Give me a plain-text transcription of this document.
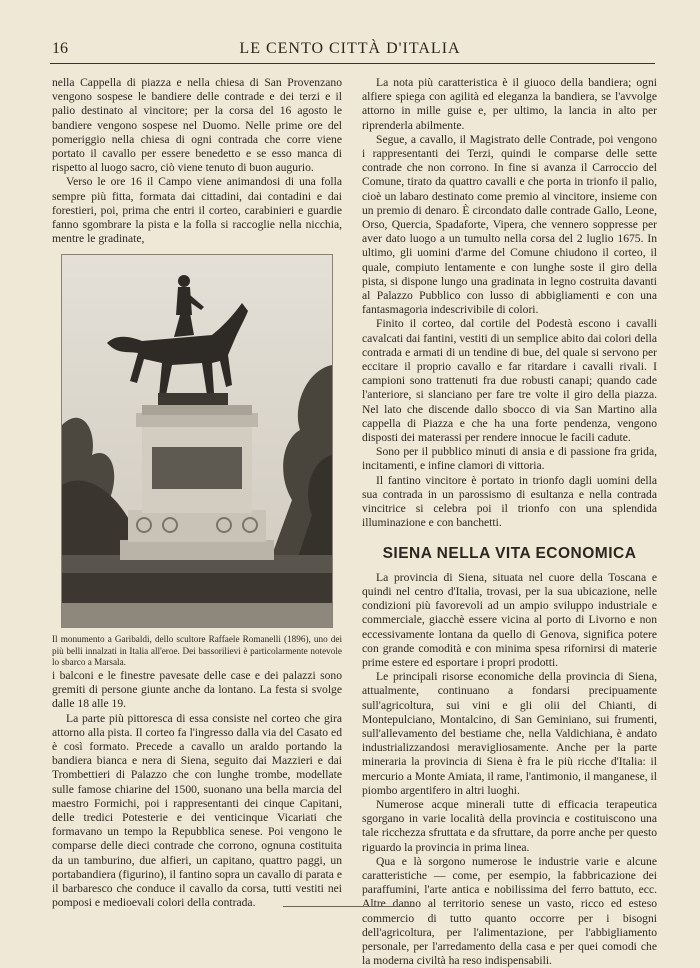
16	LE CENTO CITTÀ D'ITALIA

nella Cappella di piazza e nella chiesa di San Provenzano vengono sospese le bandiere delle contrade e dei terzi e il palio destinato al vincitore; per la corsa del 16 agosto le bandiere vengono sospese nel Duomo. Nelle prime ore del pomeriggio nella chiesa di ogni contrada che corre viene portato il cavallo per essere benedetto e se esso manca di rispetto al luogo sacro, ciò viene tenuto di buon augurio.

Verso le ore 16 il Campo viene animandosi di una folla sempre più fitta, formata dai cittadini, dai contadini e dai forestieri, poi, prima che entri il corteo, carabinieri e guardie fanno sgombrare la pista e la folla si raccoglie nella nicchia, mentre le gradinate,

Il monumento a Garibaldi, dello scultore Raffaele Romanelli (1896), uno dei più belli innalzati in Italia all'eroe. Dei bassorilievi è particolarmente notevole lo sbarco a Marsala.

i balconi e le finestre pavesate delle case e dei palazzi sono gremiti di persone giunte anche da lontano. La festa si svolge dalle 18 alle 19.

La parte più pittoresca di essa consiste nel corteo che gira attorno alla pista. Il corteo fa l'ingresso dalla via del Casato ed è così formato. Precede a cavallo un araldo portando la bandiera bianca e nera di Siena, seguito dai Mazzieri e dai Trombettieri di Palazzo che con lunghe trombe, modellate sulle famose chiarine del 1500, suonano una bella marcia del maestro Formichi, poi i rappresentanti dei cinque Capitani, delle tredici Potesterie e dei venticinque Vicariati che formavano un tempo la Repubblica senese. Poi vengono le comparse delle dieci contrade che corrono, ognuna costituita da un tamburino, due alfieri, un capitano, quattro paggi, un portabandiera (figurino), il fantino sopra un cavallo di parata e il barbaresco che conduce il cavallo da corsa, tutti vestiti nei pomposi e medioevali colori della contrada.

La nota più caratteristica è il giuoco della bandiera; ogni alfiere spiega con agilità ed eleganza la bandiera, se l'avvolge attorno in mille guise e, per ultimo, la lancia in alto per riprenderla abilmente.

Segue, a cavallo, il Magistrato delle Contrade, poi vengono i rappresentanti dei Terzi, quindi le comparse delle sette contrade che non corrono. In fine si avanza il Carroccio del Comune, tirato da quattro cavalli e che porta in trionfo il palio, cioè un labaro destinato come premio al vincitore, insieme con un premio di denaro. È circondato dalle contrade Gallo, Leone, Orso, Quercia, Spadaforte, Vipera, che vennero soppresse per aver dato luogo a un tumulto nella corsa del 2 luglio 1675. In ultimo, gli uomini d'arme del Comune chiudono il corteo, il quale, compiuto lentamente e con lunghe soste il giro della pista, si dispone lungo una gradinata in legno costruita davanti al Palazzo Pubblico con lusso di abbigliamenti e con una fantasmagoria indescrivibile di colori.

Finito il corteo, dal cortile del Podestà escono i cavalli cavalcati dai fantini, vestiti di un semplice abito dai colori della contrada e armati di un tendine di bue, del quale si servono per eccitare il proprio cavallo e far ritardare i cavalli rivali. I campioni sono trattenuti fra due robusti canapi; quando cade l'anteriore, si slanciano per fare tre volte il giro della piazza. Nel lato che discende dallo sbocco di via San Martino alla cappella di Piazza e che ha una forte pendenza, vengono disposti dei materassi per rendere innocue le facili cadute.

Sono per il pubblico minuti di ansia e di passione fra grida, incitamenti, e infine clamori di vittoria.

Il fantino vincitore è portato in trionfo dagli uomini della sua contrada in un parossismo di esultanza e nella contrada vincitrice si celebra poi il trionfo con una splendida illuminazione e con banchetti.

SIENA NELLA VITA ECONOMICA

La provincia di Siena, situata nel cuore della Toscana e quindi nel centro d'Italia, trovasi, per la sua ubicazione, nelle condizioni più favorevoli ad un ampio sviluppo industriale e commerciale, giacchè essere vicina al porto di Livorno e non eccessivamente lontana da quello di Genova, significa potere con grande comodità e con minima spesa rifornirsi di materie prime estere ed esportare i propri prodotti.

Le principali risorse economiche della provincia di Siena, attualmente, continuano a fondarsi precipuamente sull'agricoltura, sui vini e gli olii del Chianti, di Montepulciano, Montalcino, di San Geminiano, sui frumenti, sull'allevamento del bestiame che, nella Valdichiana, è andato industrializzandosi meravigliosamente. Anche per la parte mineraria la provincia di Siena è fra le più ricche d'Italia: il mercurio a Monte Amiata, il rame, l'antimonio, il manganese, il piombo argentifero in altri luoghi.

Numerose acque minerali tutte di efficacia terapeutica sgorgano in varie località della provincia e costituiscono una tale ricchezza sfruttata e da sfruttare, da porre anche per questo riguardo la provincia in prima linea.

Qua e là sorgono numerose le industrie varie e alcune caratteristiche — come, per esempio, la fabbricazione dei paraffumini, l'arte antica e nobilissima del ferro battuto, ecc. Altre danno al territorio senese un vasto, ricco ed esteso commercio di tutto quanto occorre per i bisogni dell'agricoltura, per l'alimentazione, per l'abbigliamento personale, per l'arredamento della casa e per quei comodi che la moderna civiltà ha reso indispensabili.
